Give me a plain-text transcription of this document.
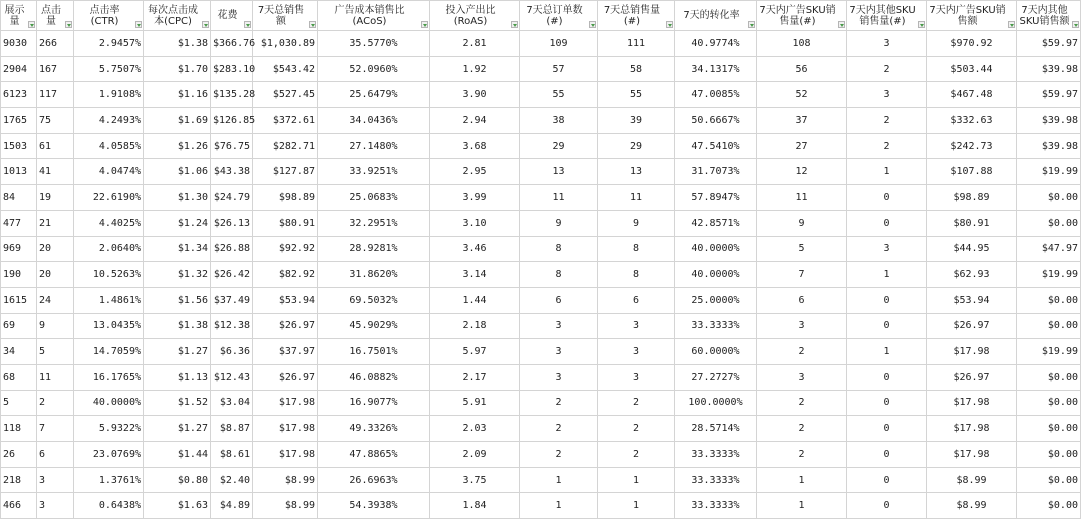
展示量	点击量	点击率(CTR)	每次点击成本(CPC)	花费	7天总销售额	广告成本销售比(ACoS)	投入产出比(RoAS)	7天总订单数(#)	7天总销售量(#)	7天的转化率	7天内广告SKU销售量(#)	7天内其他SKU销售量(#)	7天内广告SKU销售额	7天内其他SKU销售额

9030	266	2.9457%	$1.38	$366.76	$1,030.89	35.5770%	2.81	109	111	40.9774%	108	3	$970.92	$59.97
2904	167	5.7507%	$1.70	$283.10	$543.42	52.0960%	1.92	57	58	34.1317%	56	2	$503.44	$39.98
6123	117	1.9108%	$1.16	$135.28	$527.45	25.6479%	3.90	55	55	47.0085%	52	3	$467.48	$59.97
1765	75	4.2493%	$1.69	$126.85	$372.61	34.0436%	2.94	38	39	50.6667%	37	2	$332.63	$39.98
1503	61	4.0585%	$1.26	$76.75	$282.71	27.1480%	3.68	29	29	47.5410%	27	2	$242.73	$39.98
1013	41	4.0474%	$1.06	$43.38	$127.87	33.9251%	2.95	13	13	31.7073%	12	1	$107.88	$19.99
84	19	22.6190%	$1.30	$24.79	$98.89	25.0683%	3.99	11	11	57.8947%	11	0	$98.89	$0.00
477	21	4.4025%	$1.24	$26.13	$80.91	32.2951%	3.10	9	9	42.8571%	9	0	$80.91	$0.00
969	20	2.0640%	$1.34	$26.88	$92.92	28.9281%	3.46	8	8	40.0000%	5	3	$44.95	$47.97
190	20	10.5263%	$1.32	$26.42	$82.92	31.8620%	3.14	8	8	40.0000%	7	1	$62.93	$19.99
1615	24	1.4861%	$1.56	$37.49	$53.94	69.5032%	1.44	6	6	25.0000%	6	0	$53.94	$0.00
69	9	13.0435%	$1.38	$12.38	$26.97	45.9029%	2.18	3	3	33.3333%	3	0	$26.97	$0.00
34	5	14.7059%	$1.27	$6.36	$37.97	16.7501%	5.97	3	3	60.0000%	2	1	$17.98	$19.99
68	11	16.1765%	$1.13	$12.43	$26.97	46.0882%	2.17	3	3	27.2727%	3	0	$26.97	$0.00
5	2	40.0000%	$1.52	$3.04	$17.98	16.9077%	5.91	2	2	100.0000%	2	0	$17.98	$0.00
118	7	5.9322%	$1.27	$8.87	$17.98	49.3326%	2.03	2	2	28.5714%	2	0	$17.98	$0.00
26	6	23.0769%	$1.44	$8.61	$17.98	47.8865%	2.09	2	2	33.3333%	2	0	$17.98	$0.00
218	3	1.3761%	$0.80	$2.40	$8.99	26.6963%	3.75	1	1	33.3333%	1	0	$8.99	$0.00
466	3	0.6438%	$1.63	$4.89	$8.99	54.3938%	1.84	1	1	33.3333%	1	0	$8.99	$0.00
